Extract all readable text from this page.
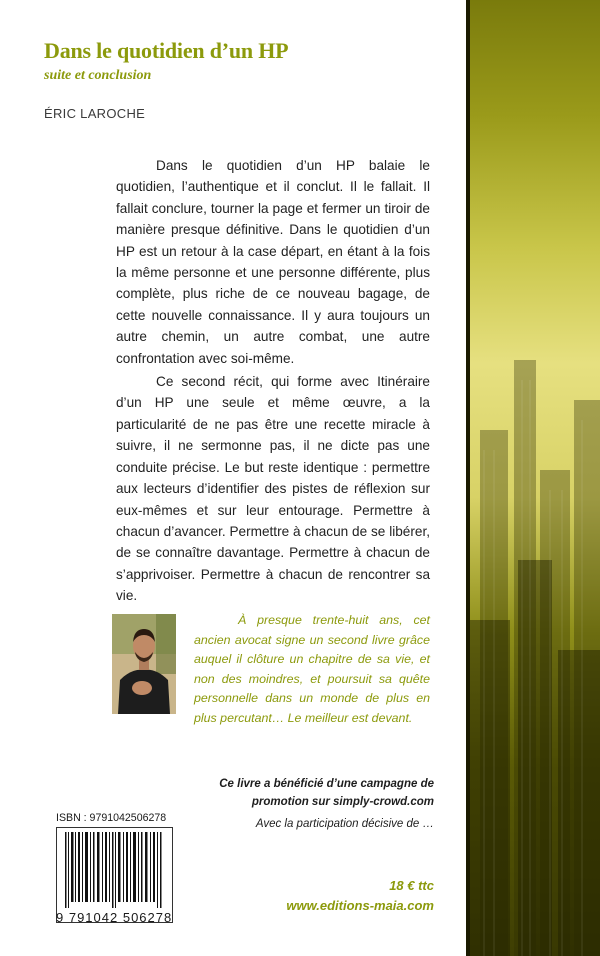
Dans le quotidien d’un HP
suite et conclusion

ÉRIC LAROCHE

Dans le quotidien d’un HP balaie le quotidien, l’authentique et il conclut. Il le fallait. Il fallait conclure, tourner la page et fermer un tiroir de manière presque définitive. Dans le quotidien d’un HP est un retour à la case départ, en étant à la fois la même personne et une personne différente, plus complète, plus riche de ce nouveau bagage, de cette nouvelle connaissance. Il y aura toujours un autre chemin, un autre combat, une autre confrontation avec soi-même.

Ce second récit, qui forme avec Itinéraire d’un HP une seule et même œuvre, a la particularité de ne pas être une recette miracle à suivre, il ne sermonne pas, il ne dicte pas une conduite précise. Le but reste identique : permettre aux lecteurs d’identifier des pistes de réflexion sur eux-mêmes et sur leur entourage. Permettre à chacun d’avancer. Permettre à chacun de se libérer, de se connaître davantage. Permettre à chacun de s’apprivoiser. Permettre à chacun de rencontrer sa vie.

À presque trente-huit ans, cet ancien avocat signe un second livre grâce auquel il clôture un chapitre de sa vie, et non des moindres, et poursuit sa quête personnelle dans un monde de plus en plus percutant… Le meilleur est devant.

Ce livre a bénéficié d’une campagne de promotion sur simply-crowd.com

Avec la participation décisive de …

ISBN : 9791042506278

9 791042 506278

18 € ttc

www.editions-maia.com
